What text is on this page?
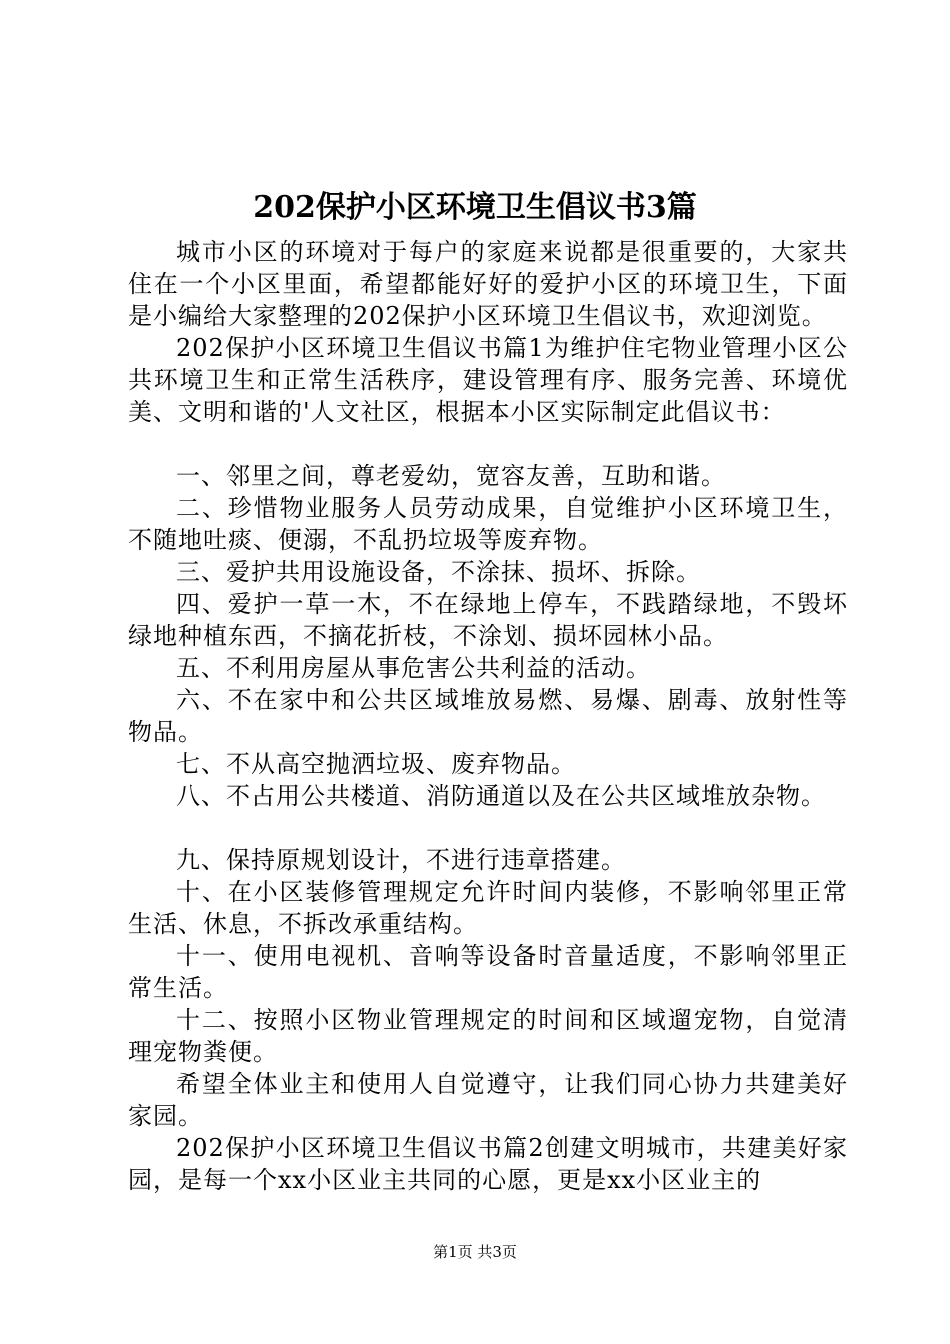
202保护小区环境卫生倡议书3篇

城市小区的环境对于每户的家庭来说都是很重要的，大家共住在一个小区里面，希望都能好好的爱护小区的环境卫生，下面是小编给大家整理的202保护小区环境卫生倡议书，欢迎浏览。

202保护小区环境卫生倡议书篇1为维护住宅物业管理小区公共环境卫生和正常生活秩序，建设管理有序、服务完善、环境优美、文明和谐的'人文社区，根据本小区实际制定此倡议书：

一、邻里之间，尊老爱幼，宽容友善，互助和谐。

二、珍惜物业服务人员劳动成果，自觉维护小区环境卫生，不随地吐痰、便溺，不乱扔垃圾等废弃物。

三、爱护共用设施设备，不涂抹、损坏、拆除。

四、爱护一草一木，不在绿地上停车，不践踏绿地，不毁坏绿地种植东西，不摘花折枝，不涂划、损坏园林小品。

五、不利用房屋从事危害公共利益的活动。

六、不在家中和公共区域堆放易燃、易爆、剧毒、放射性等物品。

七、不从高空抛洒垃圾、废弃物品。

八、不占用公共楼道、消防通道以及在公共区域堆放杂物。

九、保持原规划设计，不进行违章搭建。

十、在小区装修管理规定允许时间内装修，不影响邻里正常生活、休息，不拆改承重结构。

十一、使用电视机、音响等设备时音量适度，不影响邻里正常生活。

十二、按照小区物业管理规定的时间和区域遛宠物，自觉清理宠物粪便。

希望全体业主和使用人自觉遵守，让我们同心协力共建美好家园。

202保护小区环境卫生倡议书篇2创建文明城市，共建美好家园，是每一个xx小区业主共同的心愿，更是xx小区业主的

第1页 共3页
